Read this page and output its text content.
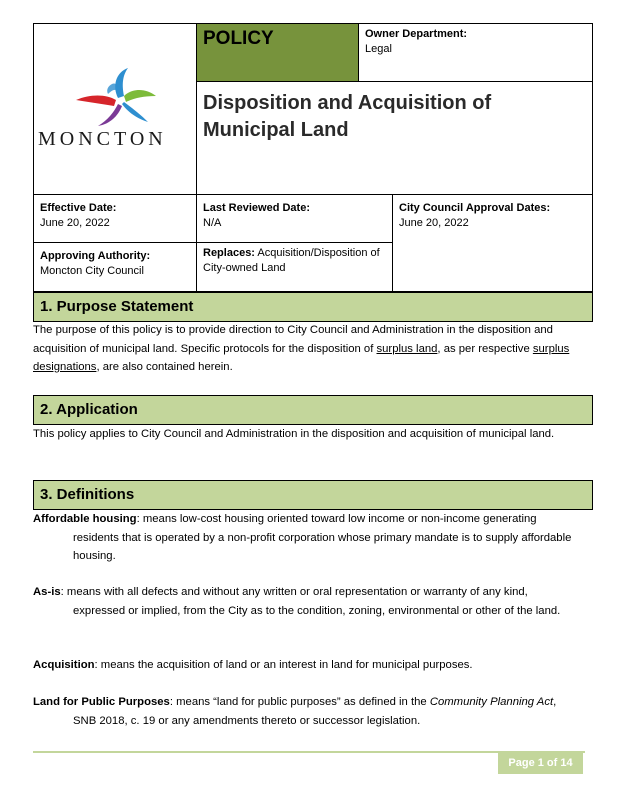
MONCTON
POLICY	Owner Department:
Legal
Disposition and Acquisition of
Municipal Land
Effective Date:
June 20, 2022
Last Reviewed Date:
N/A
City Council Approval Dates:
June 20, 2022
Approving Authority:
Moncton City Council
Replaces: Acquisition/Disposition of
City-owned Land
1. Purpose Statement
The purpose of this policy is to provide direction to City Council and Administration in the disposition and acquisition of municipal land. Specific protocols for the disposition of surplus land, as per respective surplus designations, are also contained herein.
2. Application
This policy applies to City Council and Administration in the disposition and acquisition of municipal land.
3. Definitions
Affordable housing: means low-cost housing oriented toward low income or non-income generating
residents that is operated by a non-profit corporation whose primary mandate is to supply affordable housing.
As-is: means with all defects and without any written or oral representation or warranty of any kind,
expressed or implied, from the City as to the condition, zoning, environmental or other of the land.
Acquisition: means the acquisition of land or an interest in land for municipal purposes.
Land for Public Purposes: means “land for public purposes” as defined in the Community Planning Act,
SNB 2018, c. 19 or any amendments thereto or successor legislation.
Page 1 of 14
